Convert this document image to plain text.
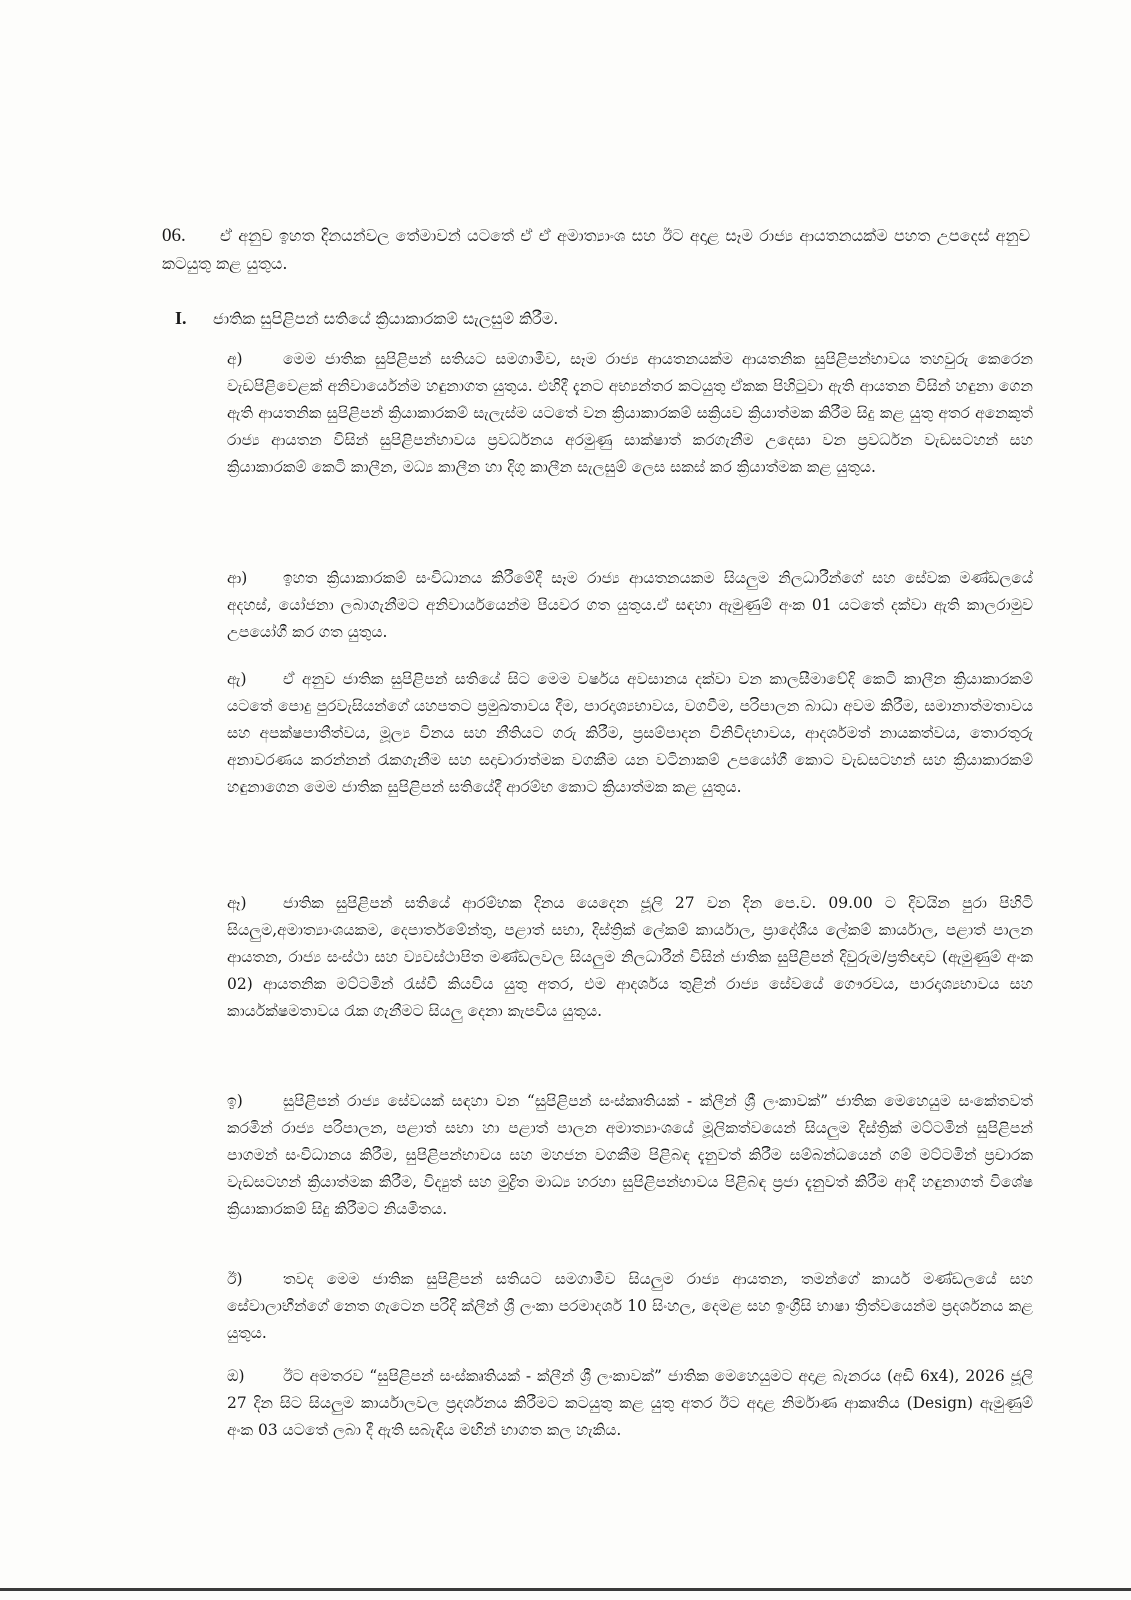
06. ඒ අනුව ඉහත දිනයන්වල තේමාවන් යටතේ ඒ ඒ අමාත්‍යාංශ සහ ඊට අදාළ සෑම රාජ්‍ය ආයතනයක්ම පහත උපදෙස් අනුව කටයුතු කළ යුතුය.
I. ජාතික සුපිළිපන් සතියේ ක්‍රියාකාරකම් සැලසුම් කිරීම.
අ)	මෙම ජාතික සුපිළිපන් සතියට සමගාමීව, සෑම රාජ්‍ය ආයතනයක්ම ආයතනික සුපිළිපන්භාවය තහවුරු කෙරෙන වැඩපිළිවෙළක් අනිවාර්යෙන්ම හඳුනාගත යුතුය. එහිදී දැනට අභ්‍යන්තර කටයුතු ඒකක පිහිටුවා ඇති ආයතන විසින් හඳුනා ගෙන ඇති ආයතනික සුපිළිපන් ක්‍රියාකාරකම් සැලැස්ම යටතේ වන ක්‍රියාකාරකම් සක්‍රියව ක්‍රියාත්මක කිරීම සිදු කළ යුතු අතර අනෙකුත් රාජ්‍ය ආයතන විසින් සුපිළිපන්භාවය ප්‍රවර්ධනය අරමුණු සාක්ෂාත් කරගැනීම උදෙසා වන ප්‍රවර්ධන වැඩසටහන් සහ ක්‍රියාකාරකම් කෙටි කාලීන, මධ්‍ය කාලීන හා දිගු කාලීන සැලසුම් ලෙස සකස් කර ක්‍රියාත්මක කළ යුතුය.
ආ) ඉහත ක්‍රියාකාරකම් සංවිධානය කිරීමේදී සෑම රාජ්‍ය ආයතනයකම සියලුම නිලධාරීන්ගේ සහ සේවක මණ්ඩලයේ අදහස්, යෝජනා ලබාගැනීමට අනිවාර්යයෙන්ම පියවර ගත යුතුය.ඒ සඳහා ඇමුණුම් අංක 01 යටතේ දක්වා ඇති කාලරාමුව උපයෝගී කර ගත යුතුය.
ඇ) ඒ අනුව ජාතික සුපිළිපන් සතියේ සිට මෙම වර්ෂය අවසානය දක්වා වන කාලසීමාවේදි කෙටි කාලීන ක්‍රියාකාරකම් යටතේ පොදු පුරවැසියන්ගේ යහපතට ප්‍රමුඛතාවය දීම, පාරදෘශ්‍යභාවය, වගවීම, පරිපාලන බාධා අවම කිරීම, සමානාත්මතාවය සහ අපක්ෂපාතීත්වය, මූල්‍ය විනය සහ නීතියට ගරු කිරීම, ප්‍රසම්පාදන විනිවිදභාවය, ආදර්ශමත් නායකත්වය, තොරතුරු අනාවරණය කරන්නන් රැකගැනීම සහ සදාචාරාත්මක වගකීම යන වටිනාකම් උපයෝගී කොට වැඩසටහන් සහ ක්‍රියාකාරකම් හඳුනාගෙන මෙම ජාතික සුපිළිපන් සතියේදී ආරම්භ කොට ක්‍රියාත්මක කළ යුතුය.
ඈ) ජාතික සුපිළිපන් සතියේ ආරම්භක දිනය යෙදෙන ජූලි 27 වන දින පෙ.ව. 09.00 ට දිවයින පුරා පිහිටි සියලුම,අමාත්‍යාංශයකම, දෙපාර්තමේන්තු, පළාත් සභා, දිස්ත්‍රික් ලේකම් කාර්යාල, ප්‍රාදේශීය ලේකම් කාර්යාල, පළාත් පාලන ආයතන, රාජ්‍ය සංස්ථා සහ ව්‍යවස්ථාපිත මණ්ඩලවල සියලුම නිලධාරීන් විසින් ජාතික සුපිළිපන් දිවුරුම/ප්‍රතිඥාව (ඇමුණුම් අංක 02) ආයතනික මට්ටමින් රැස්වී කියවිය යුතු අතර, එම ආදර්ශය තුළින් රාජ්‍ය සේවයේ ගෞරවය, පාරදෘශ්‍යභාවය සහ කාර්යක්ෂමතාවය රැක ගැනීමට සියලු දෙනා කැපවිය යුතුය.
ඉ)	සුපිළිපන් රාජ්‍ය සේවයක් සඳහා වන “සුපිළිපන් සංස්කෘතියක් - ක්ලීන් ශ්‍රී ලංකාවක්” ජාතික මෙහෙයුම සංකේතවත් කරමින් රාජ්‍ය පරිපාලන, පළාත් සභා හා පළාත් පාලන අමාත්‍යාංශයේ මූලිකත්වයෙන් සියලුම දිස්ත්‍රික් මට්ටමින් සුපිළිපන් පාගමන් සංවිධානය කිරීම, සුපිළිපන්භාවය සහ මහජන වගකීම පිළිබඳ දැනුවත් කිරීම සම්බන්ධයෙන් ගම් මට්ටමින් ප්‍රචාරක වැඩසටහන් ක්‍රියාත්මක කිරීම, විද්‍යුත් සහ මුද්‍රිත මාධ්‍ය හරහා සුපිළිපන්භාවය පිළිබඳ ප්‍රජා දැනුවත් කිරීම ආදී හඳුනාගත් විශේෂ ක්‍රියාකාරකම් සිදු කිරීමට නියමිතය.
ඊ)	තවද මෙම ජාතික සුපිළිපන් සතියට සමගාමීව සියලුම රාජ්‍ය ආයතන, තමන්ගේ කාර්ය මණ්ඩලයේ සහ සේවාලාභීන්ගේ නෙත ගැටෙන පරිදි ක්ලීන් ශ්‍රී ලංකා පරමාදර්ශ 10 සිංහල, දෙමළ සහ ඉංග්‍රීසි භාෂා ත්‍රිත්වයෙන්ම ප්‍රදර්ශනය කළ යුතුය.
ඔ) ඊට අමතරව “සුපිළිපන් සංස්කෘතියක් - ක්ලීන් ශ්‍රී ලංකාවක්” ජාතික මෙහෙයුමට අදාළ බැනරය (අඩි 6x4), 2026 ජූලි 27 දින සිට සියලුම කාර්යාලවල ප්‍රදර්ශනය කිරීමට කටයුතු කළ යුතු අතර ඊට අදාළ නිර්මාණ ආකෘතිය (Design) ඇමුණුම් අංක 03 යටතේ ලබා දී ඇති සබැඳිය මඟින් භාගත කල හැකිය.
